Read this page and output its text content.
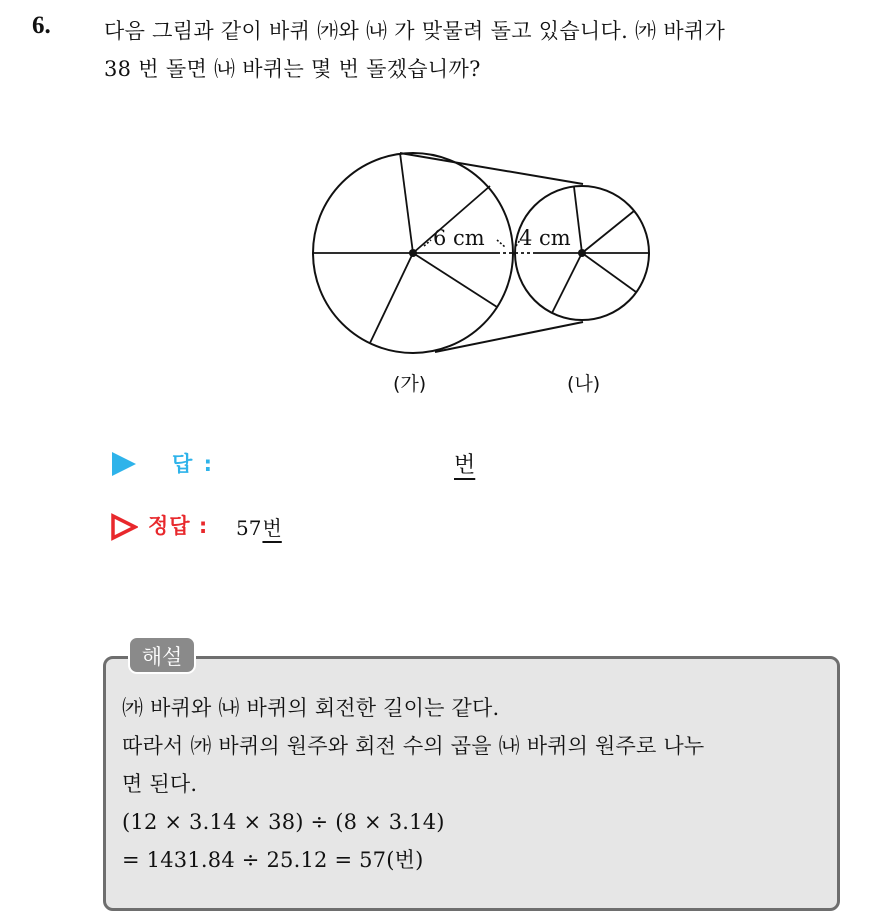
6.	다음 그림과 같이 바퀴 ㈎와 ㈏ 가 맞물려 돌고 있습니다. ㈎ 바퀴가
38 번 돌면 ㈏ 바퀴는 몇 번 돌겠습니까?
6 cm 4 cm
(가)	(나)
답 :	번
정답 : 57번
해설
㈎ 바퀴와 ㈏ 바퀴의 회전한 길이는 같다.
따라서 ㈎ 바퀴의 원주와 회전 수의 곱을 ㈏ 바퀴의 원주로 나누
면 된다.
(12 × 3.14 × 38) ÷ (8 × 3.14)
= 1431.84 ÷ 25.12 = 57(번)
